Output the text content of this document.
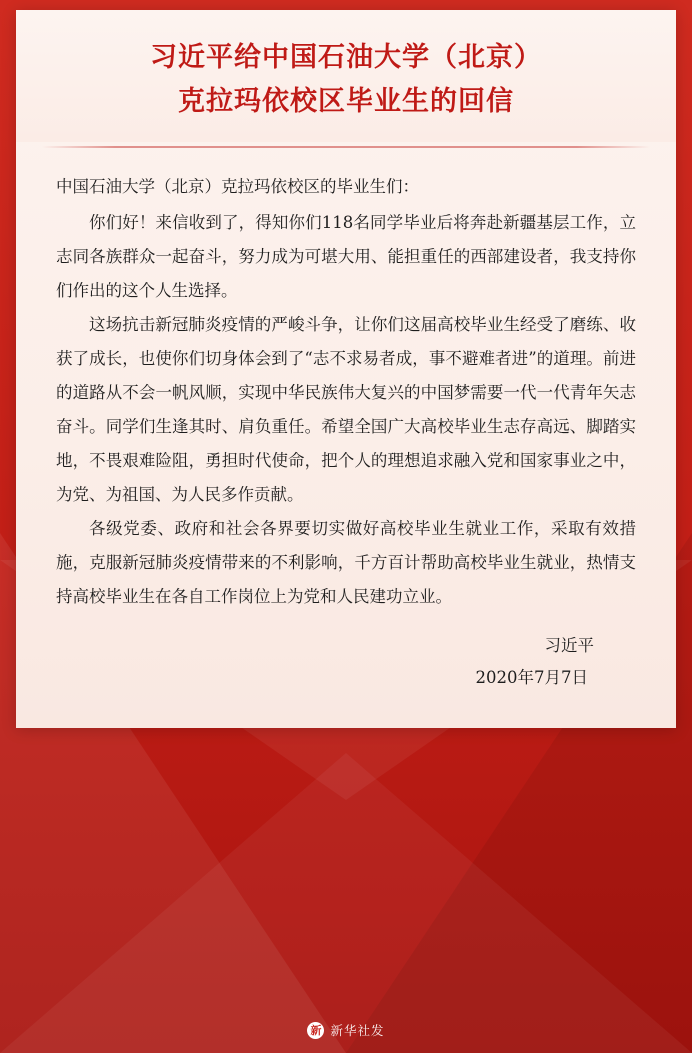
习近平给中国石油大学（北京）
克拉玛依校区毕业生的回信

中国石油大学（北京）克拉玛依校区的毕业生们：

你们好！来信收到了，得知你们118名同学毕业后将奔赴新疆基层工作，立志同各族群众一起奋斗，努力成为可堪大用、能担重任的西部建设者，我支持你们作出的这个人生选择。

这场抗击新冠肺炎疫情的严峻斗争，让你们这届高校毕业生经受了磨练、收获了成长，也使你们切身体会到了“志不求易者成，事不避难者进”的道理。前进的道路从不会一帆风顺，实现中华民族伟大复兴的中国梦需要一代一代青年矢志奋斗。同学们生逢其时、肩负重任。希望全国广大高校毕业生志存高远、脚踏实地，不畏艰难险阻，勇担时代使命，把个人的理想追求融入党和国家事业之中，为党、为祖国、为人民多作贡献。

各级党委、政府和社会各界要切实做好高校毕业生就业工作，采取有效措施，克服新冠肺炎疫情带来的不利影响，千方百计帮助高校毕业生就业，热情支持高校毕业生在各自工作岗位上为党和人民建功立业。

习近平
2020年7月7日
新 新华社发
